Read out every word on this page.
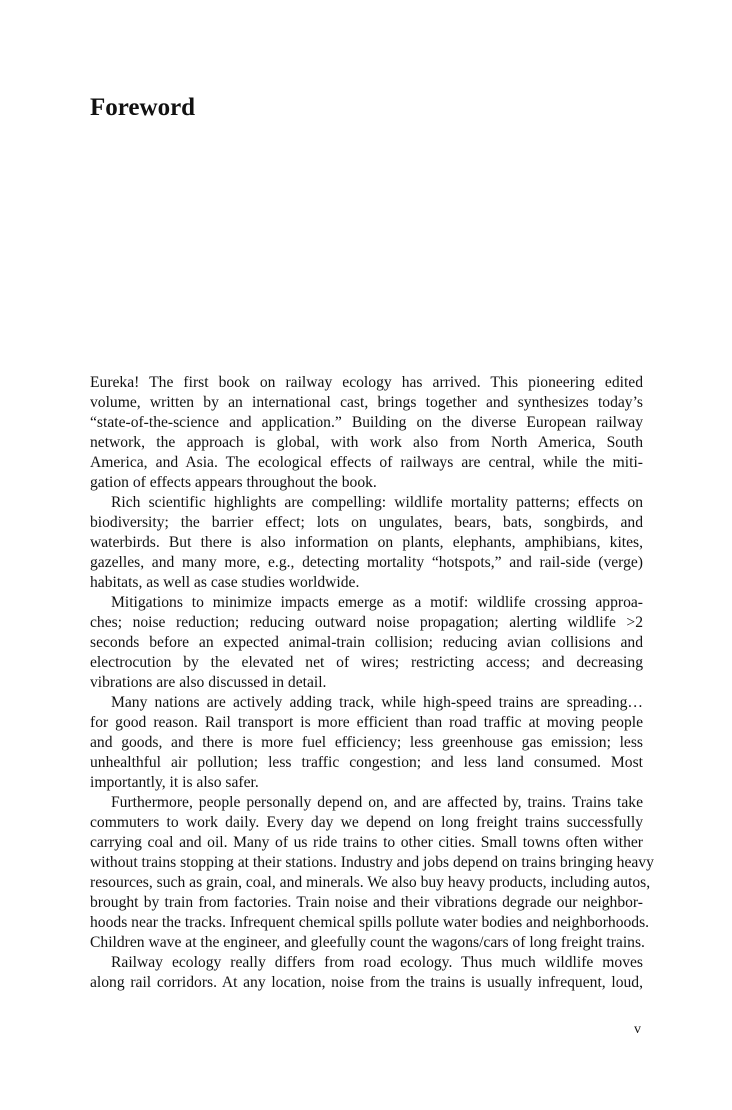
Foreword
Eureka! The first book on railway ecology has arrived. This pioneering edited
volume, written by an international cast, brings together and synthesizes today’s
“state-of-the-science and application.” Building on the diverse European railway
network, the approach is global, with work also from North America, South
America, and Asia. The ecological effects of railways are central, while the miti-
gation of effects appears throughout the book.
Rich scientific highlights are compelling: wildlife mortality patterns; effects on
biodiversity; the barrier effect; lots on ungulates, bears, bats, songbirds, and
waterbirds. But there is also information on plants, elephants, amphibians, kites,
gazelles, and many more, e.g., detecting mortality “hotspots,” and rail-side (verge)
habitats, as well as case studies worldwide.
Mitigations to minimize impacts emerge as a motif: wildlife crossing approa-
ches; noise reduction; reducing outward noise propagation; alerting wildlife >2
seconds before an expected animal-train collision; reducing avian collisions and
electrocution by the elevated net of wires; restricting access; and decreasing
vibrations are also discussed in detail.
Many nations are actively adding track, while high-speed trains are spreading…
for good reason. Rail transport is more efficient than road traffic at moving people
and goods, and there is more fuel efficiency; less greenhouse gas emission; less
unhealthful air pollution; less traffic congestion; and less land consumed. Most
importantly, it is also safer.
Furthermore, people personally depend on, and are affected by, trains. Trains take
commuters to work daily. Every day we depend on long freight trains successfully
carrying coal and oil. Many of us ride trains to other cities. Small towns often wither
without trains stopping at their stations. Industry and jobs depend on trains bringing heavy
resources, such as grain, coal, and minerals. We also buy heavy products, including autos,
brought by train from factories. Train noise and their vibrations degrade our neighbor-
hoods near the tracks. Infrequent chemical spills pollute water bodies and neighborhoods.
Children wave at the engineer, and gleefully count the wagons/cars of long freight trains.
Railway ecology really differs from road ecology. Thus much wildlife moves
along rail corridors. At any location, noise from the trains is usually infrequent, loud,
v
